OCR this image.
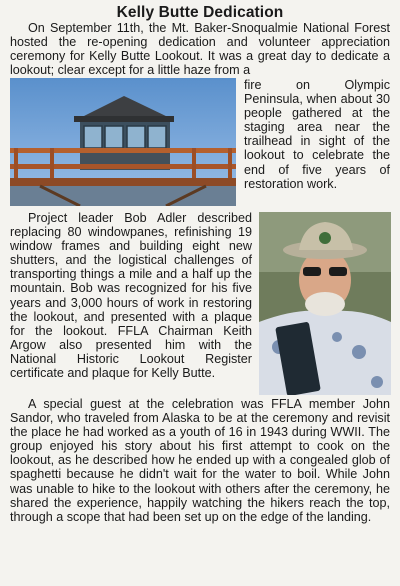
Kelly Butte Dedication

On September 11th, the Mt. Baker-Snoqualmie National Forest hosted the re-opening dedication and volunteer appreciation ceremony for Kelly Butte Lookout. It was a great day to dedicate a lookout; clear except for a little haze from a

fire on Olympic Peninsula, when about 30 people gathered at the staging area near the trailhead in sight of the lookout to celebrate the end of five years of restoration work.

Project leader Bob Adler described replacing 80 windowpanes, refinishing 19 window frames and building eight new shutters, and the logistical challenges of transporting things a mile and a half up the mountain. Bob was recognized for his five years and 3,000 hours of work in restoring the lookout, and presented with a plaque for the lookout. FFLA Chairman Keith Argow also presented him with the National Historic Lookout Register certificate and plaque for Kelly Butte.

A special guest at the celebration was FFLA member John Sandor, who traveled from Alaska to be at the ceremony and revisit the place he had worked as a youth of 16 in 1943 during WWII. The group enjoyed his story about his first attempt to cook on the lookout, as he described how he ended up with a congealed glob of spaghetti because he didn't wait for the water to boil. While John was unable to hike to the lookout with others after the ceremony, he shared the experience, happily watching the hikers reach the top, through a scope that had been set up on the edge of the landing.
